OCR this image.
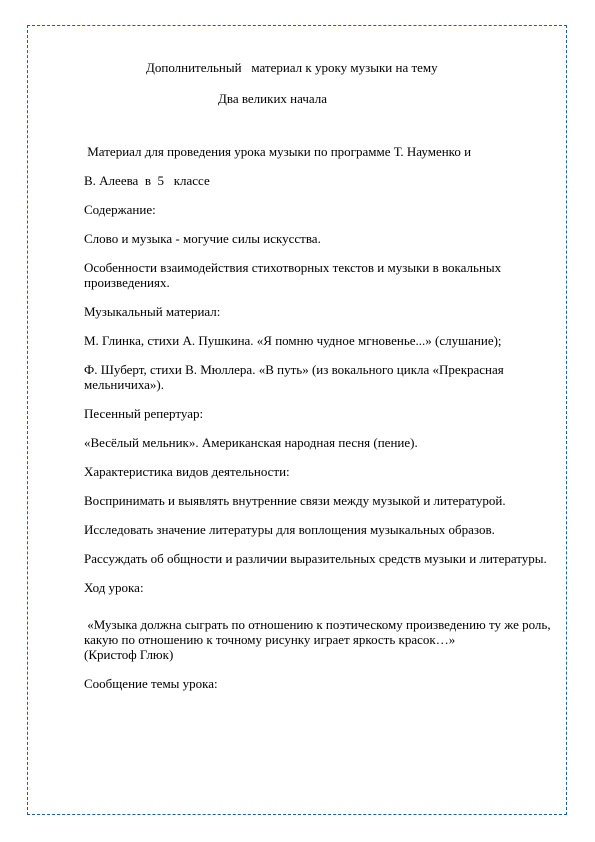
Дополнительный   материал к уроку музыки на тему

Два великих начала

Материал для проведения урока музыки по программе Т. Науменко и

В. Алеева  в  5   классе

Содержание:

Слово и музыка - могучие силы искусства.

Особенности взаимодействия стихотворных текстов и музыки в вокальных произведениях.

Музыкальный материал:

М. Глинка, стихи А. Пушкина. «Я помню чудное мгновенье...» (слушание);

Ф. Шуберт, стихи В. Мюллера. «В путь» (из вокального цикла «Прекрасная мельничиха»).

Песенный репертуар:

«Весёлый мельник». Американская народная песня (пение).

Характеристика видов деятельности:

Воспринимать и выявлять внутренние связи между музыкой и литературой.

Исследовать значение литературы для воплощения музыкальных образов.

Рассуждать об общности и различии выразительных средств музыки и литературы.

Ход урока:

«Музыка должна сыграть по отношению к поэтическому произведению ту же роль,

какую по отношению к точному рисунку играет яркость красок…»

(Кристоф Глюк)

Сообщение темы урока:
